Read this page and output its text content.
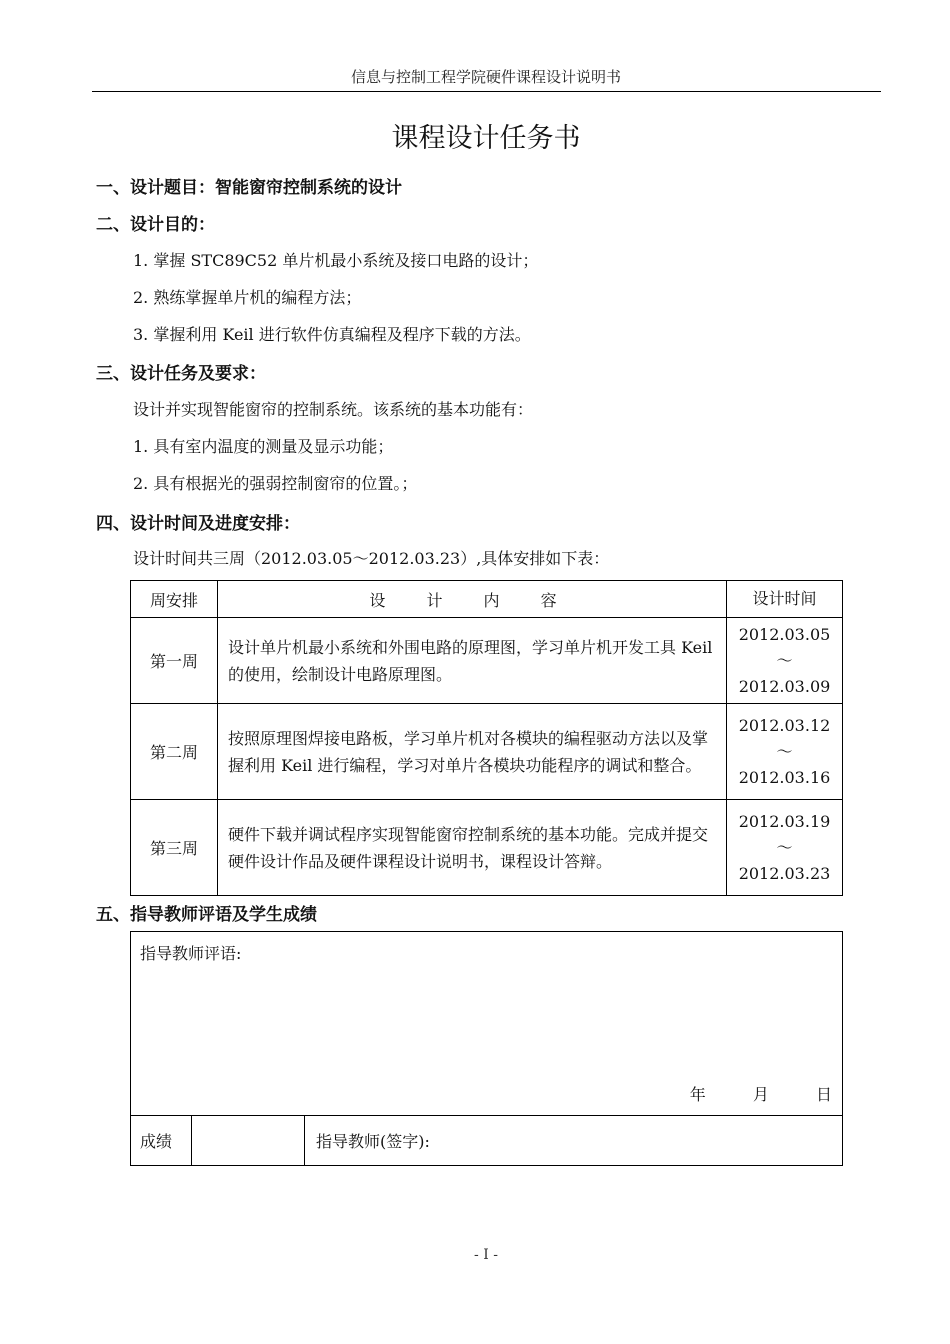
信息与控制工程学院硬件课程设计说明书
课程设计任务书
一、设计题目：智能窗帘控制系统的设计
二、设计目的：
1. 掌握 STC89C52 单片机最小系统及接口电路的设计；
2. 熟练掌握单片机的编程方法；
3. 掌握利用 Keil 进行软件仿真编程及程序下载的方法。
三、设计任务及要求：
设计并实现智能窗帘的控制系统。该系统的基本功能有：
1. 具有室内温度的测量及显示功能；
2. 具有根据光的强弱控制窗帘的位置。；
四、设计时间及进度安排：
设计时间共三周（2012.03.05～2012.03.23）,具体安排如下表：
周安排	设 计 内 容	设计时间
第一周	设计单片机最小系统和外围电路的原理图，学习单片机开发工具 Keil 的使用，绘制设计电路原理图。	2012.03.05
～
2012.03.09

第二周	按照原理图焊接电路板，学习单片机对各模块的编程驱动方法以及掌握利用 Keil 进行编程，学习对单片各模块功能程序的调试和整合。	2012.03.12
～
2012.03.16

第三周	硬件下载并调试程序实现智能窗帘控制系统的基本功能。完成并提交硬件设计作品及硬件课程设计说明书，课程设计答辩。	2012.03.19
～
2012.03.23
五、指导教师评语及学生成绩
指导教师评语:
年	月	日

成绩		指导教师(签字):
- I -
